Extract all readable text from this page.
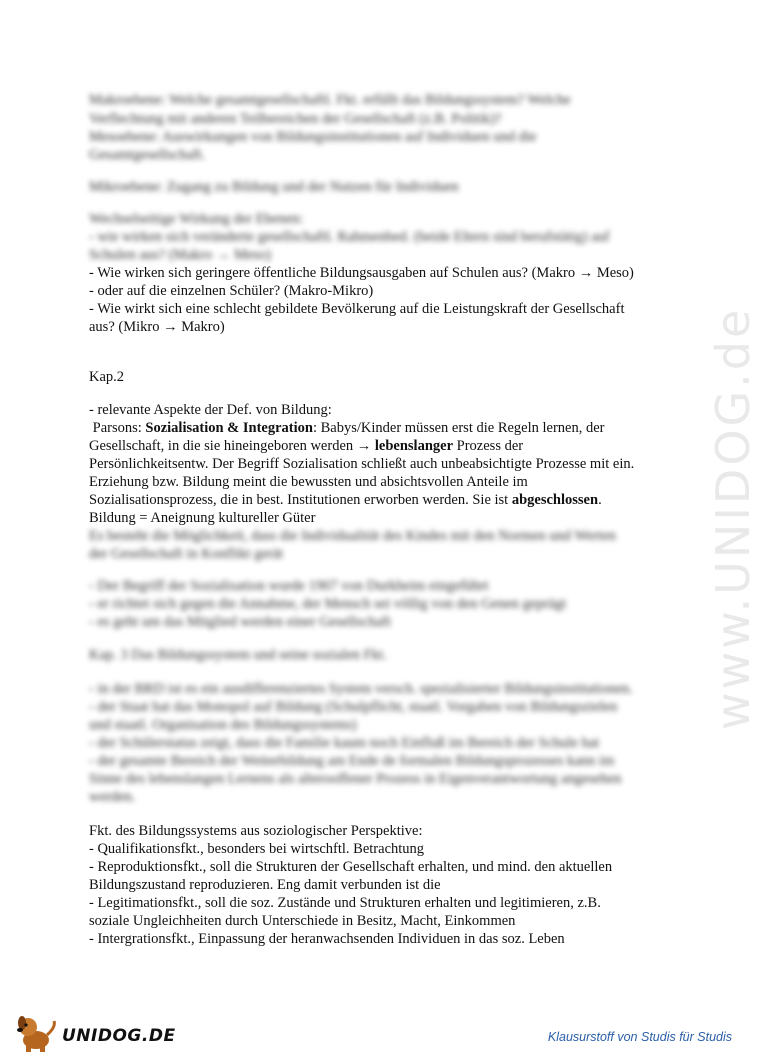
www.UNIDOG.de
Makroebene: Welche gesamtgesellschaftl. Fkt. erfüllt das Bildungssystem? Welche
Verflechtung mit anderen Teilbereichen der Gesellschaft (z.B. Politik)?
Mesoebene: Auswirkungen von Bildungsinstitutionen auf Individuen und die
Gesamtgesellschaft.
Mikroebene: Zugang zu Bildung und der Nutzen für Individuen
Wechselseitige Wirkung der Ebenen:
- wie wirken sich veränderte gesellschaftl. Rahmenbed. (beide Eltern sind berufstätig) auf
Schulen aus? (Makro → Meso)
- Wie wirken sich geringere öffentliche Bildungsausgaben auf Schulen aus? (Makro → Meso)
- oder auf die einzelnen Schüler? (Makro-Mikro)
- Wie wirkt sich eine schlecht gebildete Bevölkerung auf die Leistungskraft der Gesellschaft
aus? (Mikro → Makro)
Kap.2
- relevante Aspekte der Def. von Bildung:
Parsons: Sozialisation & Integration: Babys/Kinder müssen erst die Regeln lernen, der
Gesellschaft, in die sie hineingeboren werden → lebenslanger Prozess der
Persönlichkeitsentw. Der Begriff Sozialisation schließt auch unbeabsichtigte Prozesse mit ein.
Erziehung bzw. Bildung meint die bewussten und absichtsvollen Anteile im
Sozialisationsprozess, die in best. Institutionen erworben werden. Sie ist abgeschlossen.
Bildung = Aneignung kultureller Güter
Es besteht die Möglichkeit, dass die Individualität des Kindes mit den Normen und Werten
der Gesellschaft in Konflikt gerät
- Der Begriff der Sozialisation wurde 1907 von Durkheim eingeführt
- er richtet sich gegen die Annahme, der Mensch sei völlig von den Genen geprägt
- es geht um das Mitglied werden einer Gesellschaft
Kap. 3 Das Bildungssystem und seine sozialen Fkt.
- in der BRD ist es ein ausdifferenziertes System versch. spezialisierter Bildungsinstitutionen.
- der Staat hat das Monopol auf Bildung (Schulpflicht, staatl. Vorgaben von Bildungszielen
und staatl. Organisation des Bildungssystems)
- der Schülerstatus zeigt, dass die Familie kaum noch Einfluß im Bereich der Schule hat
- der gesamte Bereich der Weiterbildung am Ende de formalen Bildungsprozesses kann im
Sinne des lebenslangen Lernens als alterooffener Prozess in Eigenverantwortung angesehen
werden.
Fkt. des Bildungssystems aus soziologischer Perspektive:
- Qualifikationsfkt., besonders bei wirtschftl. Betrachtung
- Reproduktionsfkt., soll die Strukturen der Gesellschaft erhalten, und mind. den aktuellen
Bildungszustand reproduzieren. Eng damit verbunden ist die
- Legitimationsfkt., soll die soz. Zustände und Strukturen erhalten und legitimieren, z.B.
soziale Ungleichheiten durch Unterschiede in Besitz, Macht, Einkommen
- Intergrationsfkt., Einpassung der heranwachsenden Individuen in das soz. Leben
UNIDOG.DE	Klausurstoff von Studis für Studis
